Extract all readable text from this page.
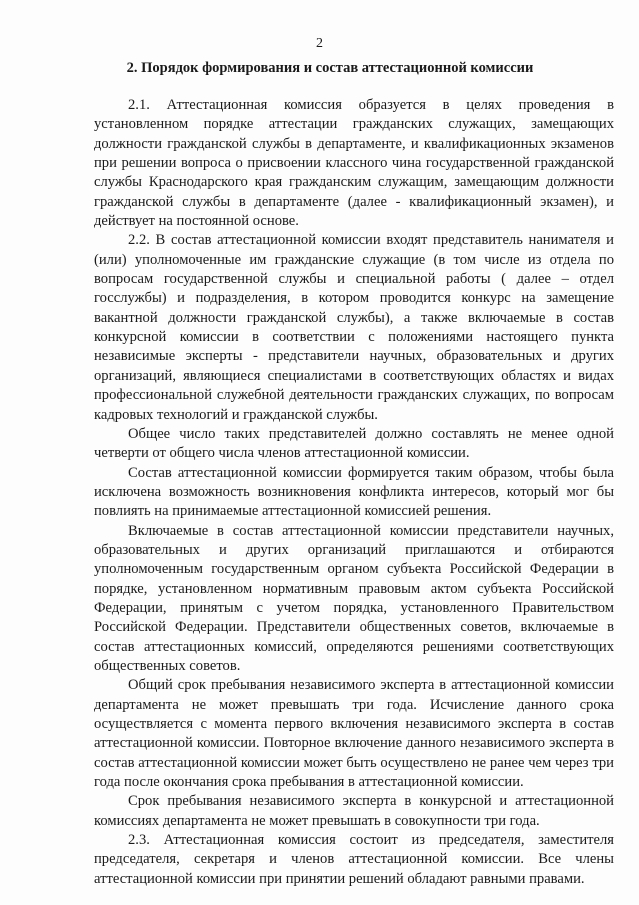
2
2. Порядок формирования и состав аттестационной комиссии

2.1. Аттестационная комиссия образуется в целях проведения в установленном порядке аттестации гражданских служащих, замещающих должности гражданской службы в департаменте, и квалификационных экзаменов при решении вопроса о присвоении классного чина государственной гражданской службы Краснодарского края гражданским служащим, замещающим должности гражданской службы в департаменте (далее - квалификационный экзамен), и действует на постоянной основе.

2.2. В состав аттестационной комиссии входят представитель нанимателя и (или) уполномоченные им гражданские служащие (в том числе из отдела по вопросам государственной службы и специальной работы ( далее – отдел госслужбы) и подразделения, в котором проводится конкурс на замещение вакантной должности гражданской службы), а также включаемые в состав конкурсной комиссии в соответствии с положениями настоящего пункта независимые эксперты - представители научных, образовательных и других организаций, являющиеся специалистами в соответствующих областях и видах профессиональной служебной деятельности гражданских служащих, по вопросам кадровых технологий и гражданской службы.

Общее число таких представителей должно составлять не менее одной четверти от общего числа членов аттестационной комиссии.

Состав аттестационной комиссии формируется таким образом, чтобы была исключена возможность возникновения конфликта интересов, который мог бы повлиять на принимаемые аттестационной комиссией решения.

Включаемые в состав аттестационной комиссии представители научных, образовательных и других организаций приглашаются и отбираются уполномоченным государственным органом субъекта Российской Федерации в порядке, установленном нормативным правовым актом субъекта Российской Федерации, принятым с учетом порядка, установленного Правительством Российской Федерации. Представители общественных советов, включаемые в состав аттестационных комиссий, определяются решениями соответствующих общественных советов.

Общий срок пребывания независимого эксперта в аттестационной комиссии департамента не может превышать три года. Исчисление данного срока осуществляется с момента первого включения независимого эксперта в состав аттестационной комиссии. Повторное включение данного независимого эксперта в состав аттестационной комиссии может быть осуществлено не ранее чем через три года после окончания срока пребывания в аттестационной комиссии.

Срок пребывания независимого эксперта в конкурсной и аттестационной комиссиях департамента не может превышать в совокупности три года.

2.3. Аттестационная комиссия состоит из председателя, заместителя председателя, секретаря и членов аттестационной комиссии. Все члены аттестационной комиссии при принятии решений обладают равными правами.
